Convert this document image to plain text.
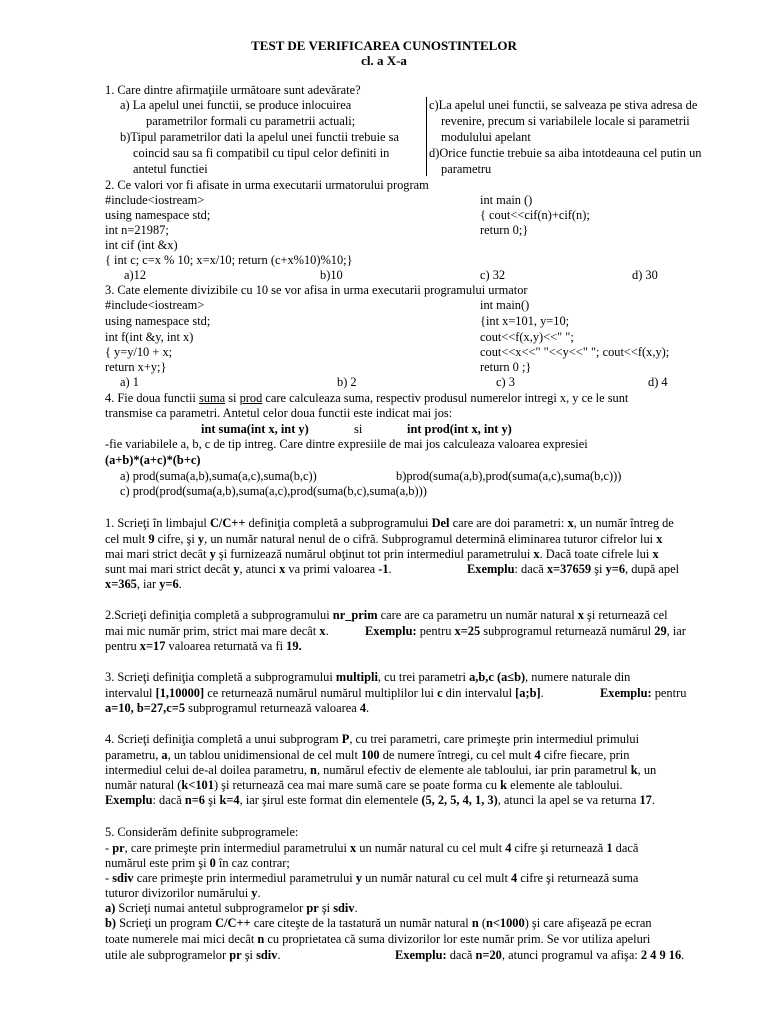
TEST DE VERIFICAREA CUNOSTINTELOR
cl. a X-a
1. Care dintre afirmaţiile următoare sunt adevărate?
a) La apelul unei functii, se produce inlocuirea
parametrilor formali cu parametrii actuali;
b)Tipul parametrilor dati la apelul unei functii trebuie sa
coincid sau sa fi compatibil cu tipul celor definiti in
antetul functiei
c)La apelul unei functii, se salveaza pe stiva adresa de
revenire, precum si variabilele locale si parametrii
modulului apelant
d)Orice functie trebuie sa aiba intotdeauna cel putin un
parametru
2. Ce valori vor fi afisate in urma executarii urmatorului program
#include<iostream>
using namespace std;
int n=21987;
int cif (int &x)
{ int c; c=x % 10; x=x/10; return (c+x%10)%10;}
int main ()
{ cout<<cif(n)+cif(n);
return 0;}
a)12	b)10	c) 32	d) 30
3. Cate elemente divizibile cu 10 se vor afisa in urma executarii programului urmator
#include<iostream>
using namespace std;
int f(int &y, int x)
{ y=y/10 + x;
return x+y;}
int main()
{int x=101, y=10;
cout<<f(x,y)<<" ";
cout<<x<<" "<<y<<" "; cout<<f(x,y);
return 0 ;}
a) 1	b) 2	c) 3	d) 4
4. Fie doua functii suma si prod care calculeaza suma, respectiv produsul numerelor intregi x, y ce le sunt
transmise ca parametri. Antetul celor doua functii este indicat mai jos:
int suma(int x, int y)	si	int prod(int x, int y)
-fie variabilele a, b, c de tip intreg. Care dintre expresiile de mai jos calculeaza valoarea expresiei
(a+b)*(a+c)*(b+c)
a) prod(suma(a,b),suma(a,c),suma(b,c))	b)prod(suma(a,b),prod(suma(a,c),suma(b,c)))
c) prod(prod(suma(a,b),suma(a,c),prod(suma(b,c),suma(a,b)))
1. Scrieţi în limbajul C/C++ definiţia completă a subprogramului Del care are doi parametri: x, un număr întreg de
cel mult 9 cifre, şi y, un număr natural nenul de o cifră. Subprogramul determină eliminarea tuturor cifrelor lui x
mai mari strict decât y şi furnizează numărul obţinut tot prin intermediul parametrului x. Dacă toate cifrele lui x
sunt mai mari strict decât y, atunci x va primi valoarea -1.	Exemplu: dacă x=37659 şi y=6, după apel
x=365, iar y=6.
2.Scrieţi definiţia completă a subprogramului nr_prim care are ca parametru un număr natural x şi returnează cel
mai mic număr prim, strict mai mare decât x.	Exemplu: pentru x=25 subprogramul returnează numărul 29, iar
pentru x=17 valoarea returnată va fi 19.
3. Scrieţi definiţia completă a subprogramului multipli, cu trei parametri a,b,c (a≤b), numere naturale din
intervalul [1,10000] ce returnează numărul numărul multiplilor lui c din intervalul [a;b].	Exemplu: pentru
a=10, b=27,c=5 subprogramul returnează valoarea 4.
4. Scrieţi definiţia completă a unui subprogram P, cu trei parametri, care primeşte prin intermediul primului
parametru, a, un tablou unidimensional de cel mult 100 de numere întregi, cu cel mult 4 cifre fiecare, prin
intermediul celui de-al doilea parametru, n, numărul efectiv de elemente ale tabloului, iar prin parametrul k, un
număr natural (k<101) şi returnează cea mai mare sumă care se poate forma cu k elemente ale tabloului.
Exemplu: dacă n=6 şi k=4, iar şirul este format din elementele (5, 2, 5, 4, 1, 3), atunci la apel se va returna 17.
5. Considerăm definite subprogramele:
- pr, care primeşte prin intermediul parametrului x un număr natural cu cel mult 4 cifre şi returnează 1 dacă
numărul este prim şi 0 în caz contrar;
- sdiv care primeşte prin intermediul parametrului y un număr natural cu cel mult 4 cifre şi returnează suma
tuturor divizorilor numărului y.
a) Scrieţi numai antetul subprogramelor pr şi sdiv.
b) Scrieţi un program C/C++ care citeşte de la tastatură un număr natural n (n<1000) şi care afişează pe ecran
toate numerele mai mici decât n cu proprietatea că suma divizorilor lor este număr prim. Se vor utiliza apeluri
utile ale subprogramelor pr şi sdiv.	Exemplu: dacă n=20, atunci programul va afişa: 2 4 9 16.
